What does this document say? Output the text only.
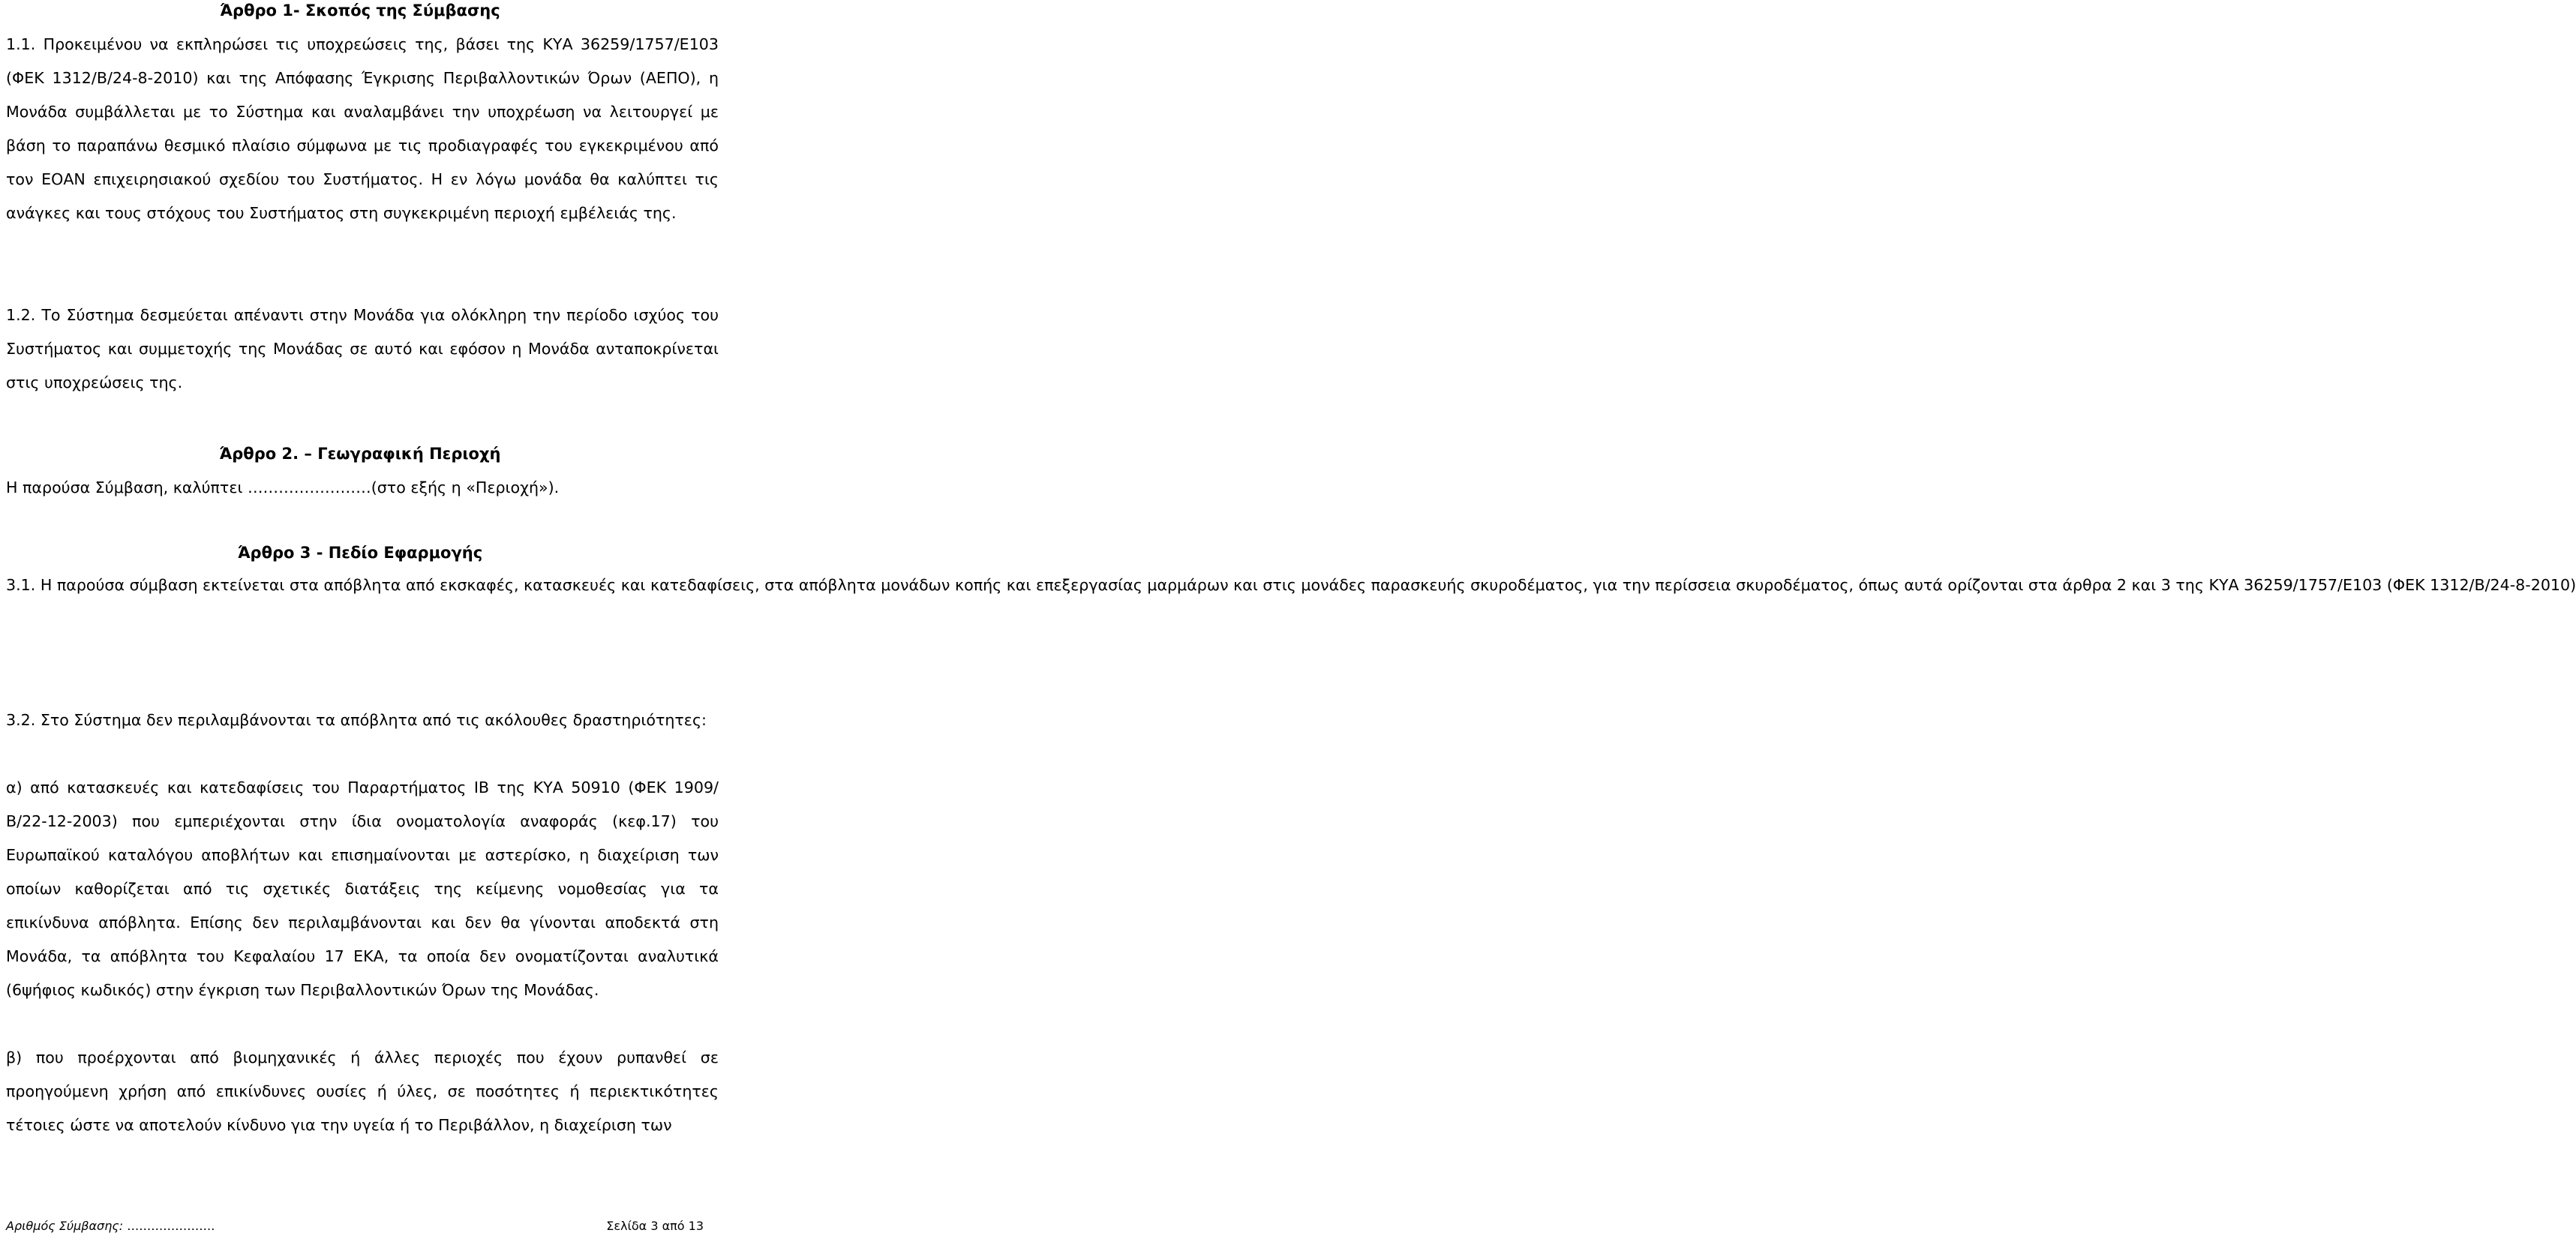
Άρθρο 1- Σκοπός της Σύμβασης

1.1. Προκειμένου να εκπληρώσει τις υποχρεώσεις της, βάσει της ΚΥΑ 36259/1757/Ε103 (ΦΕΚ 1312/Β/24-8-2010) και της Απόφασης Έγκρισης Περιβαλλοντικών Όρων (ΑΕΠΟ), η Μονάδα συμβάλλεται με το Σύστημα και αναλαμβάνει την υποχρέωση να λειτουργεί με βάση το παραπάνω θεσμικό πλαίσιο σύμφωνα με τις προδιαγραφές του εγκεκριμένου από τον ΕΟΑΝ επιχειρησιακού σχεδίου του Συστήματος. Η εν λόγω μονάδα θα καλύπτει τις ανάγκες και τους στόχους του Συστήματος στη συγκεκριμένη περιοχή εμβέλειάς της.

1.2. Το Σύστημα δεσμεύεται απέναντι στην Μονάδα για ολόκληρη την περίοδο ισχύος του Συστήματος και συμμετοχής της Μονάδας σε αυτό και εφόσον η Μονάδα ανταποκρίνεται στις υποχρεώσεις της.

Άρθρο 2. – Γεωγραφική Περιοχή

Η παρούσα Σύμβαση, καλύπτει ……………………(στο εξής η «Περιοχή»).

Άρθρο 3 - Πεδίο Εφαρμογής

3.1. Η παρούσα σύμβαση εκτείνεται στα απόβλητα από εκσκαφές, κατασκευές και κατεδαφίσεις, στα απόβλητα μονάδων κοπής και επεξεργασίας μαρμάρων και στις μονάδες παρασκευής σκυροδέματος, για την περίσσεια σκυροδέματος, όπως αυτά ορίζονται στα άρθρα 2 και 3 της ΚΥΑ 36259/1757/Ε103 (ΦΕΚ 1312/Β/24-8-2010)

3.2. Στο Σύστημα δεν περιλαμβάνονται τα απόβλητα από τις ακόλουθες δραστηριότητες:

α) από κατασκευές και κατεδαφίσεις του Παραρτήματος ΙΒ της ΚΥΑ 50910 (ΦΕΚ 1909/Β/22-12-2003) που εμπεριέχονται στην ίδια ονοματολογία αναφοράς (κεφ.17) του Ευρωπαϊκού καταλόγου αποβλήτων και επισημαίνονται με αστερίσκο, η διαχείριση των οποίων καθορίζεται από τις σχετικές διατάξεις της κείμενης νομοθεσίας για τα επικίνδυνα απόβλητα. Επίσης δεν περιλαμβάνονται και δεν θα γίνονται αποδεκτά στη Μονάδα, τα απόβλητα του Κεφαλαίου 17 ΕΚΑ, τα οποία δεν ονοματίζονται αναλυτικά (6ψήφιος κωδικός) στην έγκριση των Περιβαλλοντικών Όρων της Μονάδας.

β) που προέρχονται από βιομηχανικές ή άλλες περιοχές που έχουν ρυπανθεί σε προηγούμενη χρήση από επικίνδυνες ουσίες ή ύλες, σε ποσότητες ή περιεκτικότητες τέτοιες ώστε να αποτελούν κίνδυνο για την υγεία ή το Περιβάλλον, η διαχείριση των

Αριθμός Σύμβασης: ………………….	Σελίδα 3 από 13
